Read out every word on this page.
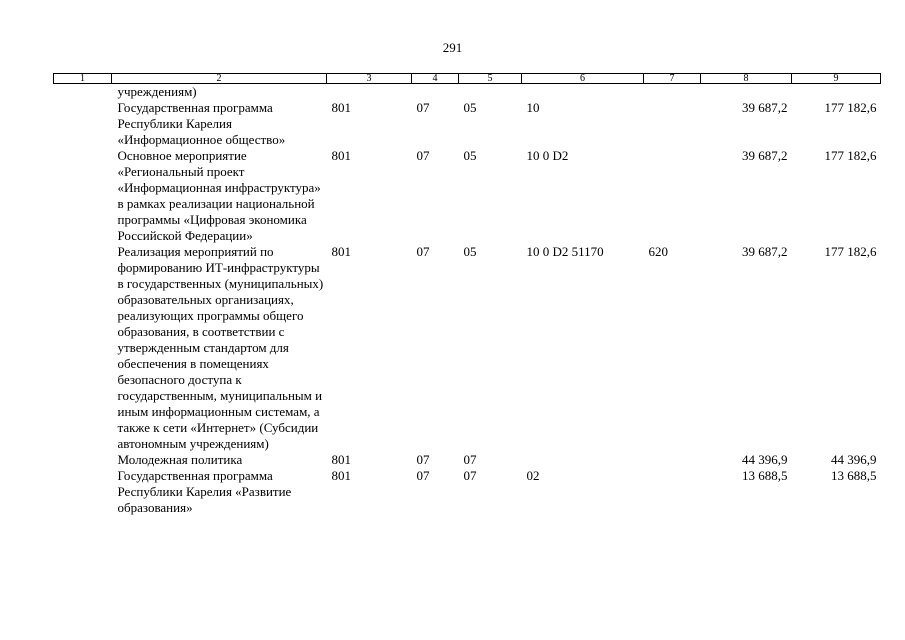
291
1	2	3	4	5	6	7	8	9
	учреждениям)							
	Государственная программа Республики Карелия «Информационное общество»	801	07	05	10		39 687,2	177 182,6
	Основное мероприятие «Региональный проект «Информационная инфраструктура» в рамках реализации национальной программы «Цифровая экономика Российской Федерации»	801	07	05	10 0 D2		39 687,2	177 182,6
	Реализация мероприятий по формированию ИТ-инфраструктуры в государственных (муниципальных) образовательных организациях, реализующих программы общего образования, в соответствии с утвержденным стандартом для обеспечения в помещениях безопасного доступа к государственным, муниципальным и иным информационным системам, а также к сети «Интернет» (Субсидии автономным учреждениям)	801	07	05	10 0 D2 51170	620	39 687,2	177 182,6
	Молодежная политика	801	07	07			44 396,9	44 396,9
	Государственная программа Республики Карелия «Развитие образования»	801	07	07	02		13 688,5	13 688,5
